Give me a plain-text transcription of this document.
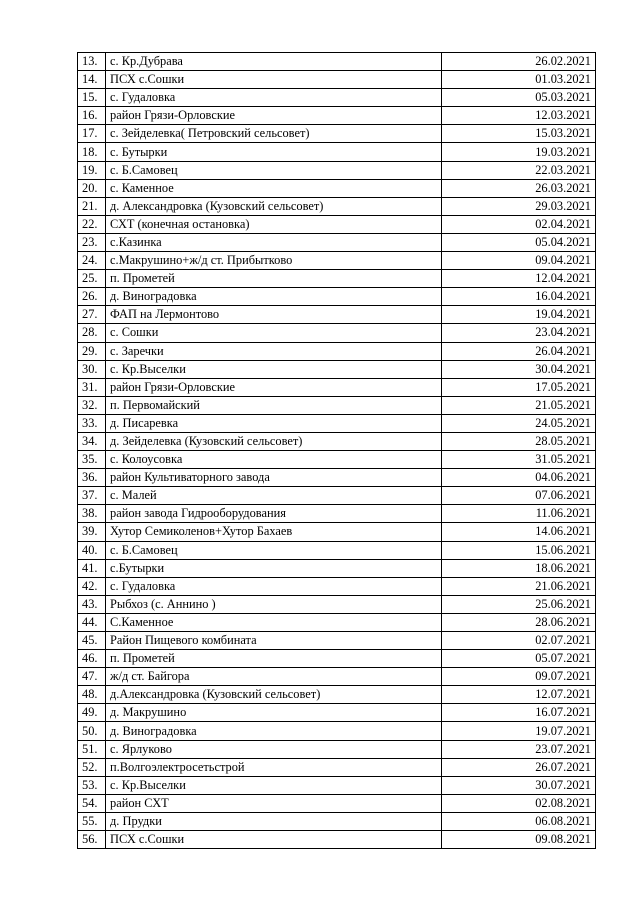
13.	с. Кр.Дубрава	26.02.2021
14.	ПСХ с.Сошки	01.03.2021
15.	с. Гудаловка	05.03.2021
16.	район Грязи-Орловские	12.03.2021
17.	с. Зейделевка( Петровский сельсовет)	15.03.2021
18.	с. Бутырки	19.03.2021
19.	с. Б.Самовец	22.03.2021
20.	с. Каменное	26.03.2021
21.	д. Александровка (Кузовский сельсовет)	29.03.2021
22.	СХТ (конечная остановка)	02.04.2021
23.	с.Казинка	05.04.2021
24.	с.Макрушино+ж/д ст. Прибытково	09.04.2021
25.	п. Прометей	12.04.2021
26.	д. Виноградовка	16.04.2021
27.	ФАП на Лермонтово	19.04.2021
28.	с. Сошки	23.04.2021
29.	с. Заречки	26.04.2021
30.	с. Кр.Выселки	30.04.2021
31.	район Грязи-Орловские	17.05.2021
32.	п. Первомайский	21.05.2021
33.	д. Писаревка	24.05.2021
34.	д. Зейделевка (Кузовский сельсовет)	28.05.2021
35.	с. Колоусовка	31.05.2021
36.	район Культиваторного завода	04.06.2021
37.	с. Малей	07.06.2021
38.	район завода Гидрооборудования	11.06.2021
39.	Хутор Семиколенов+Хутор Бахаев	14.06.2021
40.	с. Б.Самовец	15.06.2021
41.	с.Бутырки	18.06.2021
42.	с. Гудаловка	21.06.2021
43.	Рыбхоз (с. Аннино )	25.06.2021
44.	С.Каменное	28.06.2021
45.	Район Пищевого комбината	02.07.2021
46.	п. Прометей	05.07.2021
47.	ж/д ст. Байгора	09.07.2021
48.	д.Александровка (Кузовский сельсовет)	12.07.2021
49.	д. Макрушино	16.07.2021
50.	д. Виноградовка	19.07.2021
51.	с. Ярлуково	23.07.2021
52.	п.Волгоэлектросетьстрой	26.07.2021
53.	с. Кр.Выселки	30.07.2021
54.	район СХТ	02.08.2021
55.	д. Прудки	06.08.2021
56.	ПСХ с.Сошки	09.08.2021
